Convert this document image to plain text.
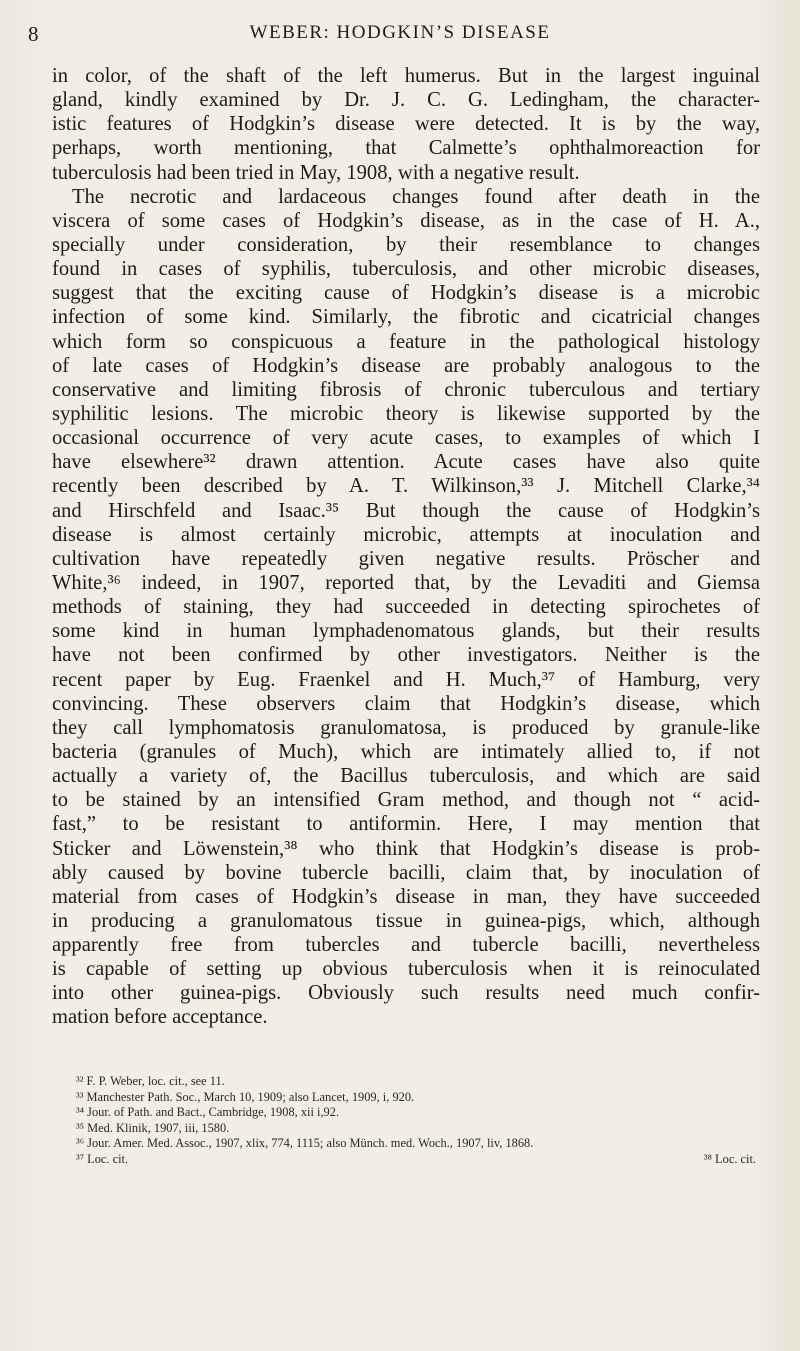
8	WEBER: HODGKIN’S DISEASE
in color, of the shaft of the left humerus. But in the largest inguinal
gland, kindly examined by Dr. J. C. G. Ledingham, the character-
istic features of Hodgkin’s disease were detected. It is by the way,
perhaps, worth mentioning, that Calmette’s ophthalmoreaction for
tuberculosis had been tried in May, 1908, with a negative result.
The necrotic and lardaceous changes found after death in the
viscera of some cases of Hodgkin’s disease, as in the case of H. A.,
specially under consideration, by their resemblance to changes
found in cases of syphilis, tuberculosis, and other microbic diseases,
suggest that the exciting cause of Hodgkin’s disease is a microbic
infection of some kind. Similarly, the fibrotic and cicatricial changes
which form so conspicuous a feature in the pathological histology
of late cases of Hodgkin’s disease are probably analogous to the
conservative and limiting fibrosis of chronic tuberculous and tertiary
syphilitic lesions. The microbic theory is likewise supported by the
occasional occurrence of very acute cases, to examples of which I
have elsewhere³² drawn attention. Acute cases have also quite
recently been described by A. T. Wilkinson,³³ J. Mitchell Clarke,³⁴
and Hirschfeld and Isaac.³⁵ But though the cause of Hodgkin’s
disease is almost certainly microbic, attempts at inoculation and
cultivation have repeatedly given negative results. Pröscher and
White,³⁶ indeed, in 1907, reported that, by the Levaditi and Giemsa
methods of staining, they had succeeded in detecting spirochetes of
some kind in human lymphadenomatous glands, but their results
have not been confirmed by other investigators. Neither is the
recent paper by Eug. Fraenkel and H. Much,³⁷ of Hamburg, very
convincing. These observers claim that Hodgkin’s disease, which
they call lymphomatosis granulomatosa, is produced by granule-like
bacteria (granules of Much), which are intimately allied to, if not
actually a variety of, the Bacillus tuberculosis, and which are said
to be stained by an intensified Gram method, and though not “ acid-
fast,” to be resistant to antiformin. Here, I may mention that
Sticker and Löwenstein,³⁸ who think that Hodgkin’s disease is prob-
ably caused by bovine tubercle bacilli, claim that, by inoculation of
material from cases of Hodgkin’s disease in man, they have succeeded
in producing a granulomatous tissue in guinea-pigs, which, although
apparently free from tubercles and tubercle bacilli, nevertheless
is capable of setting up obvious tuberculosis when it is reinoculated
into other guinea-pigs. Obviously such results need much confir-
mation before acceptance.
³² F. P. Weber, loc. cit., see 11.
³³ Manchester Path. Soc., March 10, 1909; also Lancet, 1909, i, 920.
³⁴ Jour. of Path. and Bact., Cambridge, 1908, xii i,92.
³⁵ Med. Klinik, 1907, iii, 1580.
³⁶ Jour. Amer. Med. Assoc., 1907, xlix, 774, 1115; also Münch. med. Woch., 1907, liv, 1868.
³⁷ Loc. cit.	³⁸ Loc. cit.
